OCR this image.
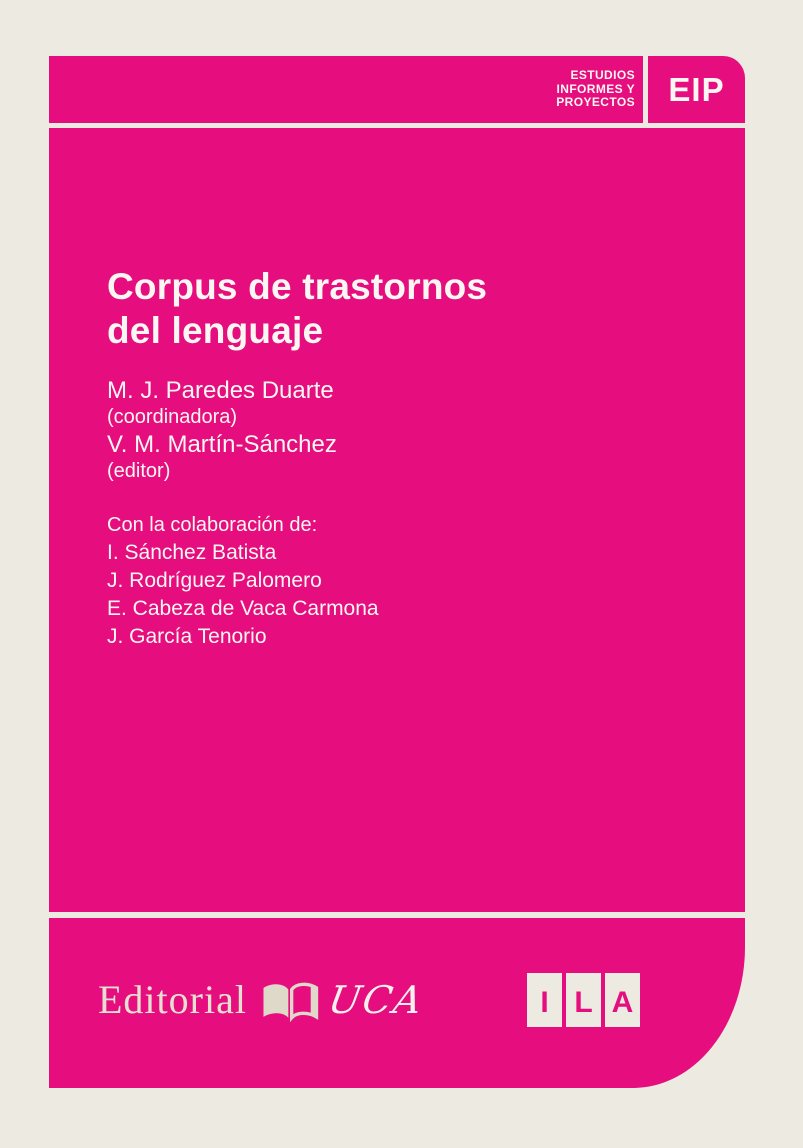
ESTUDIOS
INFORMES Y
PROYECTOS EIP
Corpus de trastornos
del lenguaje
M. J. Paredes Duarte
(coordinadora)
V. M. Martín-Sánchez
(editor)
Con la colaboración de:
I. Sánchez Batista
J. Rodríguez Palomero
E. Cabeza de Vaca Carmona
J. García Tenorio
Editorial UCA	I L A
